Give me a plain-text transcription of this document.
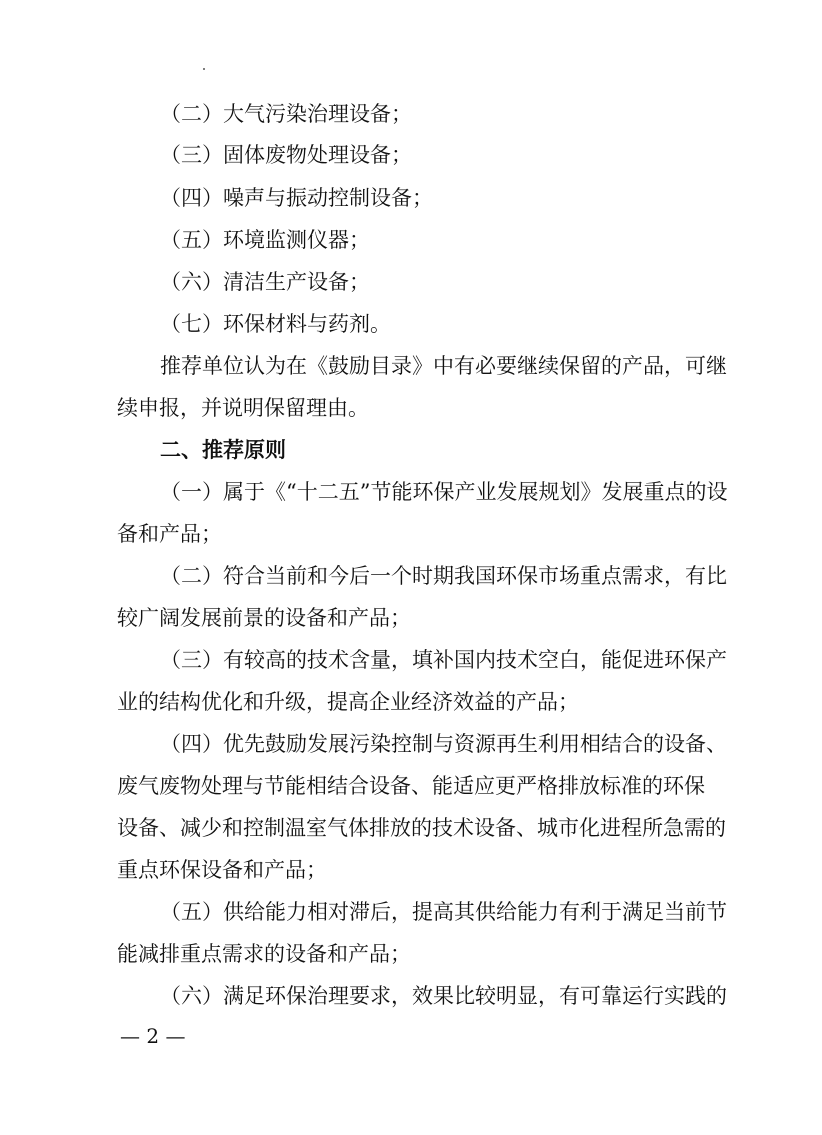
（二）大气污染治理设备；
（三）固体废物处理设备；
（四）噪声与振动控制设备；
（五）环境监测仪器；
（六）清洁生产设备；
（七）环保材料与药剂。
推荐单位认为在《鼓励目录》中有必要继续保留的产品，可继
续申报，并说明保留理由。
二、推荐原则
（一）属于《“十二五”节能环保产业发展规划》发展重点的设
备和产品；
（二）符合当前和今后一个时期我国环保市场重点需求，有比
较广阔发展前景的设备和产品；
（三）有较高的技术含量，填补国内技术空白，能促进环保产
业的结构优化和升级，提高企业经济效益的产品；
（四）优先鼓励发展污染控制与资源再生利用相结合的设备、
废气废物处理与节能相结合设备、能适应更严格排放标准的环保
设备、减少和控制温室气体排放的技术设备、城市化进程所急需的
重点环保设备和产品；
（五）供给能力相对滞后，提高其供给能力有利于满足当前节
能减排重点需求的设备和产品；
（六）满足环保治理要求，效果比较明显，有可靠运行实践的
— 2 —
